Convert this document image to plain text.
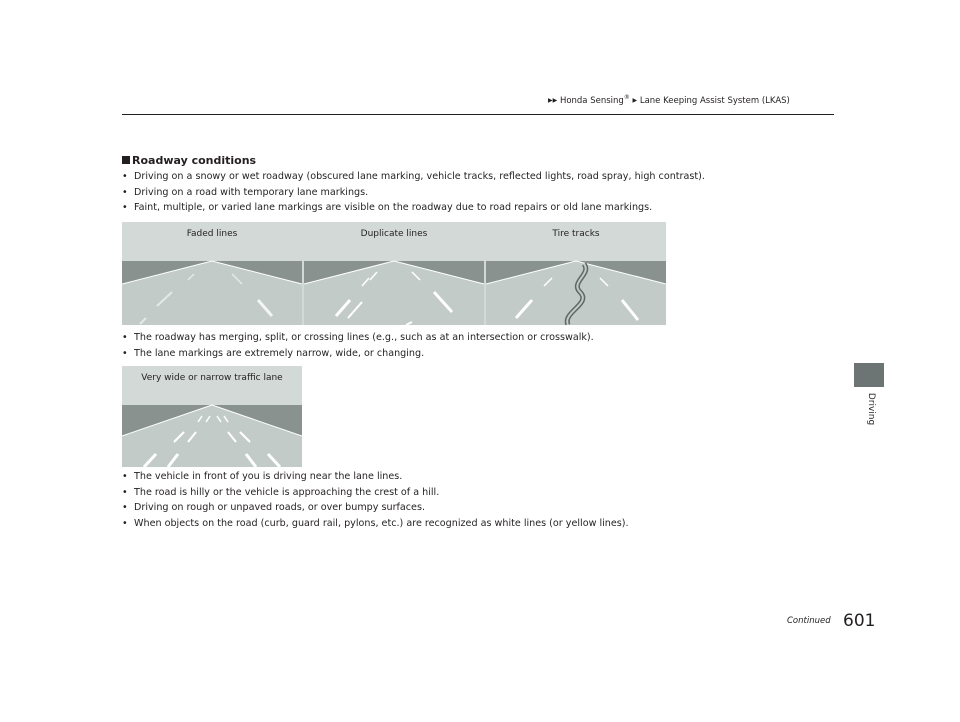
▶▶ Honda Sensing® ▶ Lane Keeping Assist System (LKAS)
Driving
Roadway conditions
• Driving on a snowy or wet roadway (obscured lane marking, vehicle tracks, reflected lights, road spray, high contrast).
• Driving on a road with temporary lane markings.
• Faint, multiple, or varied lane markings are visible on the roadway due to road repairs or old lane markings.
Faded lines	Duplicate lines	Tire tracks
• The roadway has merging, split, or crossing lines (e.g., such as at an intersection or crosswalk).
• The lane markings are extremely narrow, wide, or changing.
Very wide or narrow traffic lane
• The vehicle in front of you is driving near the lane lines.
• The road is hilly or the vehicle is approaching the crest of a hill.
• Driving on rough or unpaved roads, or over bumpy surfaces.
• When objects on the road (curb, guard rail, pylons, etc.) are recognized as white lines (or yellow lines).
Continued 601
